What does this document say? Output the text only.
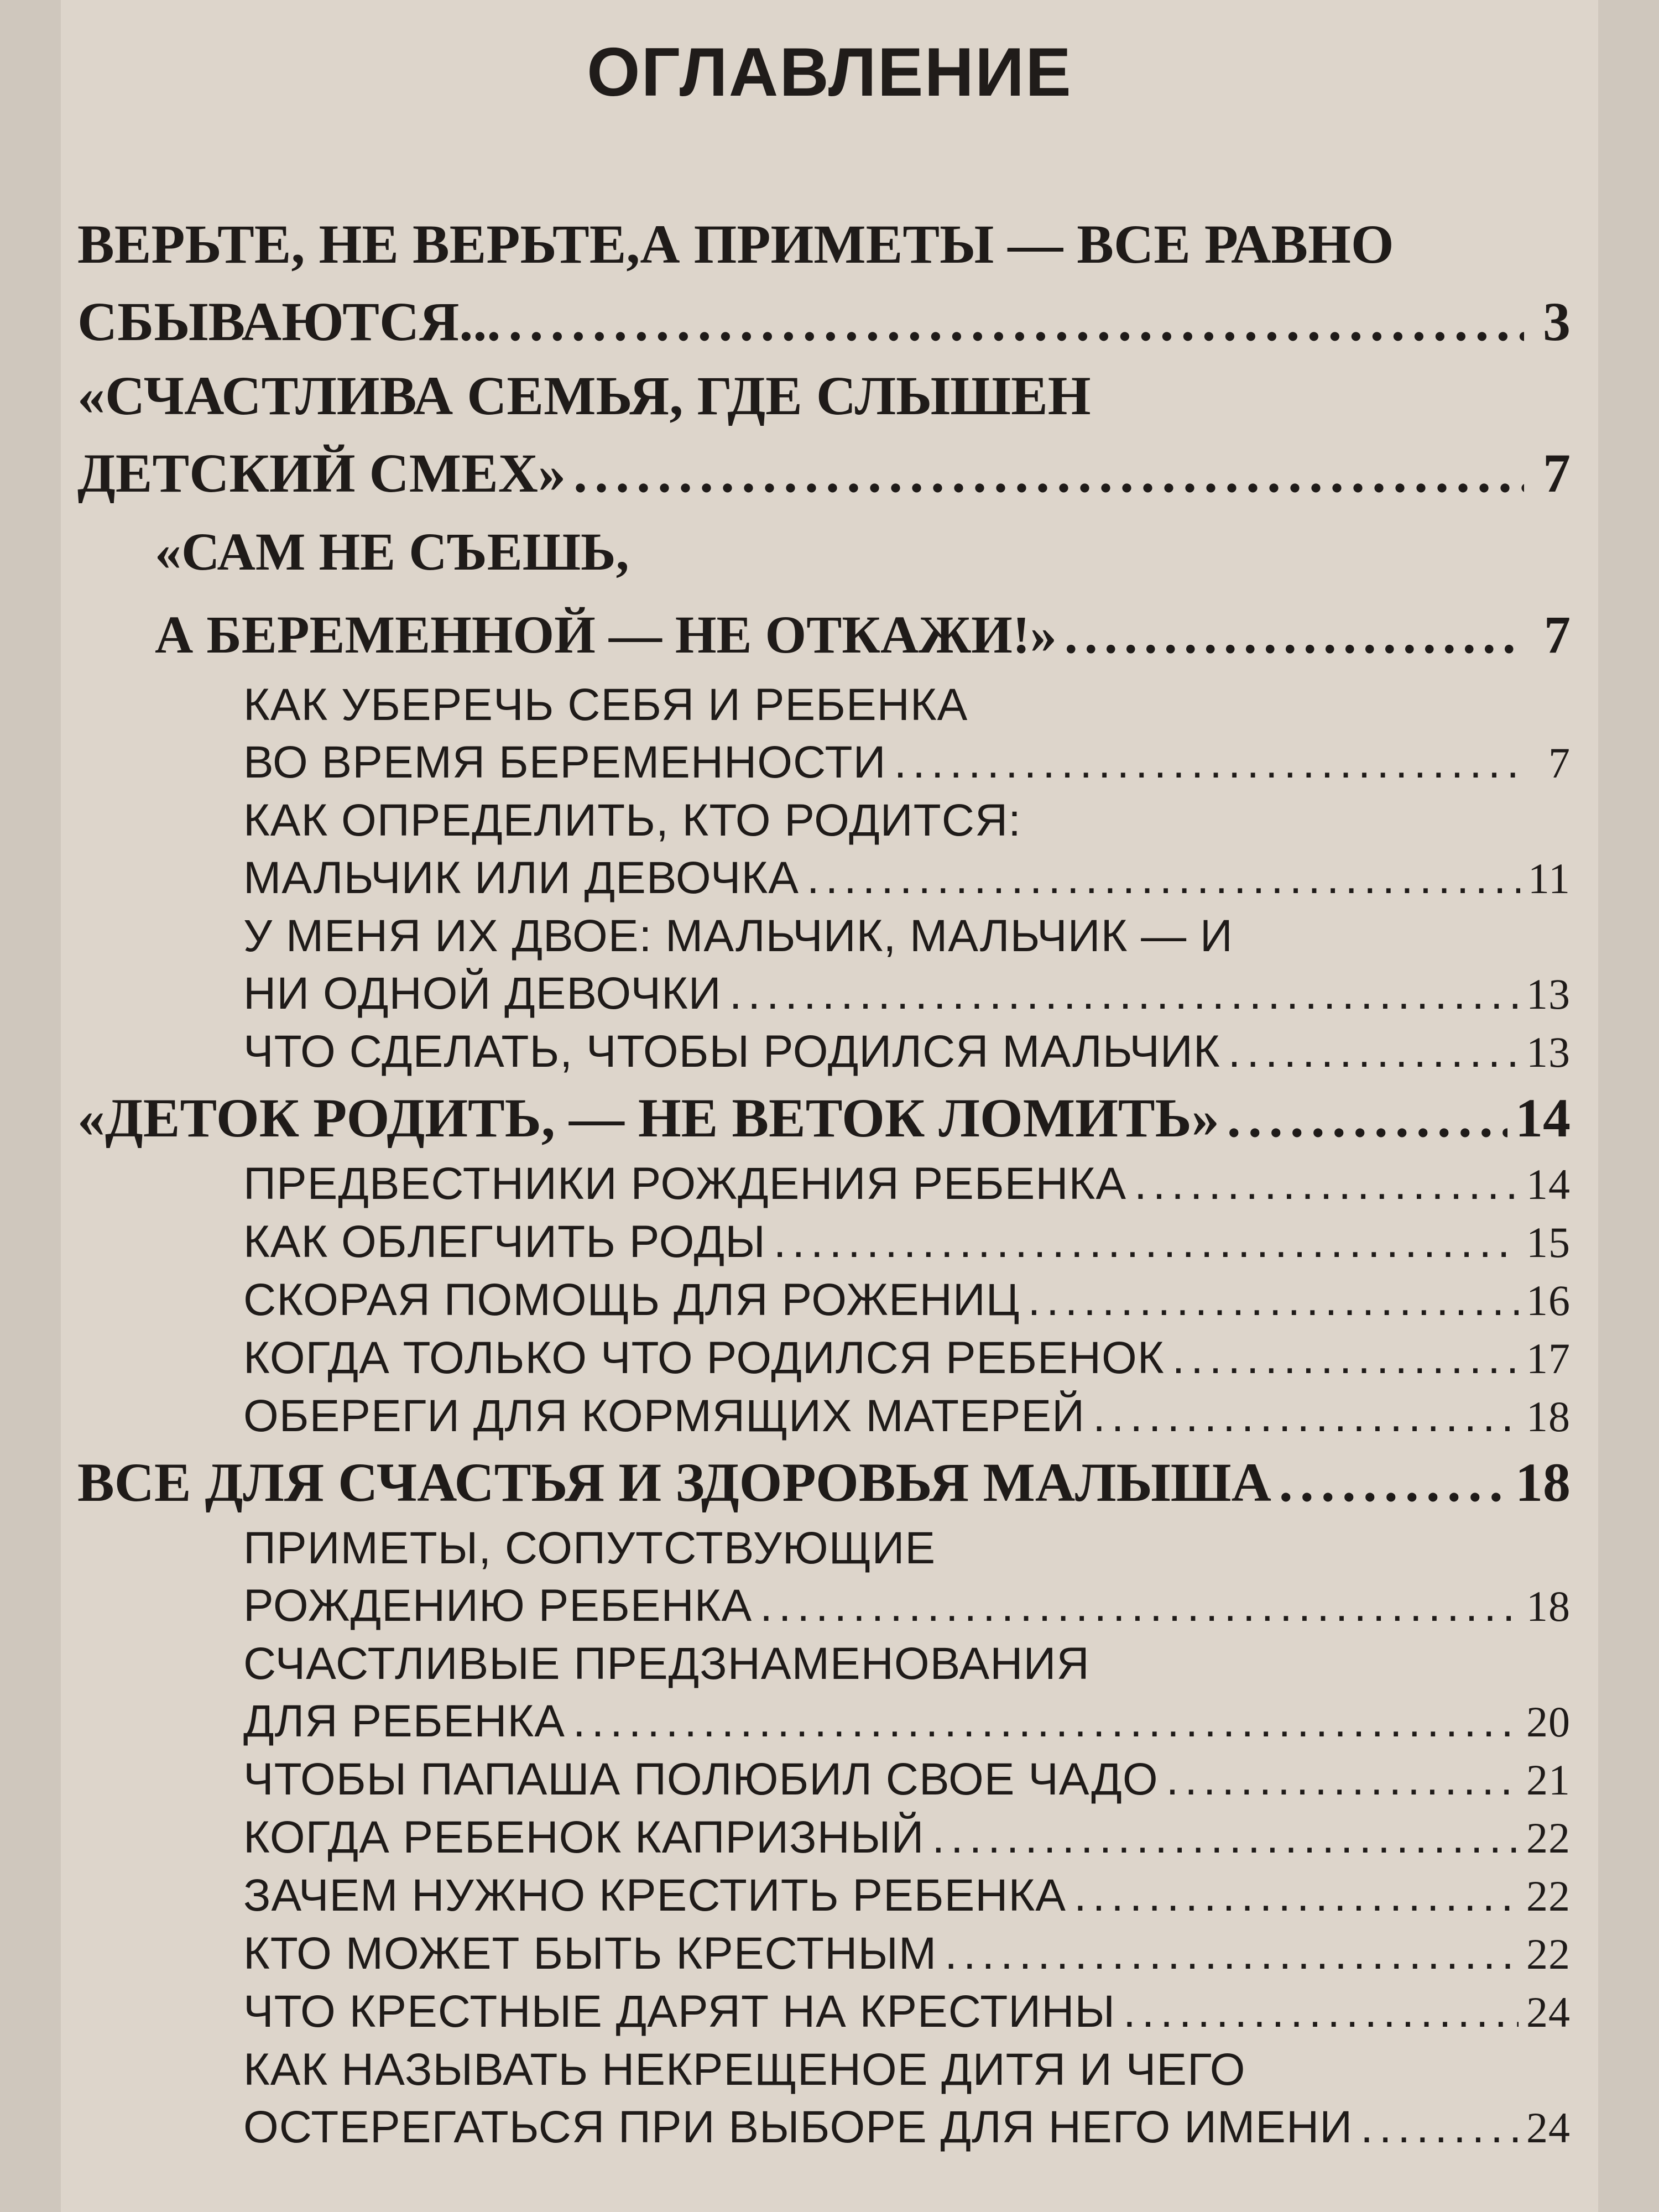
ОГЛАВЛЕНИЕ
ВЕРЬТЕ, НЕ ВЕРЬТЕ,А ПРИМЕТЫ — ВСЕ РАВНО
СБЫВАЮТСЯ... . . .	3
«СЧАСТЛИВА СЕМЬЯ, ГДЕ СЛЫШЕН
ДЕТСКИЙ СМЕХ» . . .	7
«САМ НЕ СЪЕШЬ,
А БЕРЕМЕННОЙ — НЕ ОТКАЖИ!» . . .	7
КАК УБЕРЕЧЬ СЕБЯ И РЕБЕНКА
ВО ВРЕМЯ БЕРЕМЕННОСТИ . . .	7
КАК ОПРЕДЕЛИТЬ, КТО РОДИТСЯ:
МАЛЬЧИК ИЛИ ДЕВОЧКА . . .	11
У МЕНЯ ИХ ДВОЕ: МАЛЬЧИК, МАЛЬЧИК — И
НИ ОДНОЙ ДЕВОЧКИ . . .	13
ЧТО СДЕЛАТЬ, ЧТОБЫ РОДИЛСЯ МАЛЬЧИК . . .	13
«ДЕТОК РОДИТЬ, — НЕ ВЕТОК ЛОМИТЬ» . . .	14
ПРЕДВЕСТНИКИ РОЖДЕНИЯ РЕБЕНКА . . .	14
КАК ОБЛЕГЧИТЬ РОДЫ . . .	15
СКОРАЯ ПОМОЩЬ ДЛЯ РОЖЕНИЦ . . .	16
КОГДА ТОЛЬКО ЧТО РОДИЛСЯ РЕБЕНОК . . .	17
ОБЕРЕГИ ДЛЯ КОРМЯЩИХ МАТЕРЕЙ . . .	18
ВСЕ ДЛЯ СЧАСТЬЯ И ЗДОРОВЬЯ МАЛЫША . . .	18
ПРИМЕТЫ, СОПУТСТВУЮЩИЕ
РОЖДЕНИЮ РЕБЕНКА . . .	18
СЧАСТЛИВЫЕ ПРЕДЗНАМЕНОВАНИЯ
ДЛЯ РЕБЕНКА . . .	20
ЧТОБЫ ПАПАША ПОЛЮБИЛ СВОЕ ЧАДО . . .	21
КОГДА РЕБЕНОК КАПРИЗНЫЙ . . .	22
ЗАЧЕМ НУЖНО КРЕСТИТЬ РЕБЕНКА . . .	22
КТО МОЖЕТ БЫТЬ КРЕСТНЫМ . . .	22
ЧТО КРЕСТНЫЕ ДАРЯТ НА КРЕСТИНЫ . . .	24
КАК НАЗЫВАТЬ НЕКРЕЩЕНОЕ ДИТЯ И ЧЕГО
ОСТЕРЕГАТЬСЯ ПРИ ВЫБОРЕ ДЛЯ НЕГО ИМЕНИ . . .	24
